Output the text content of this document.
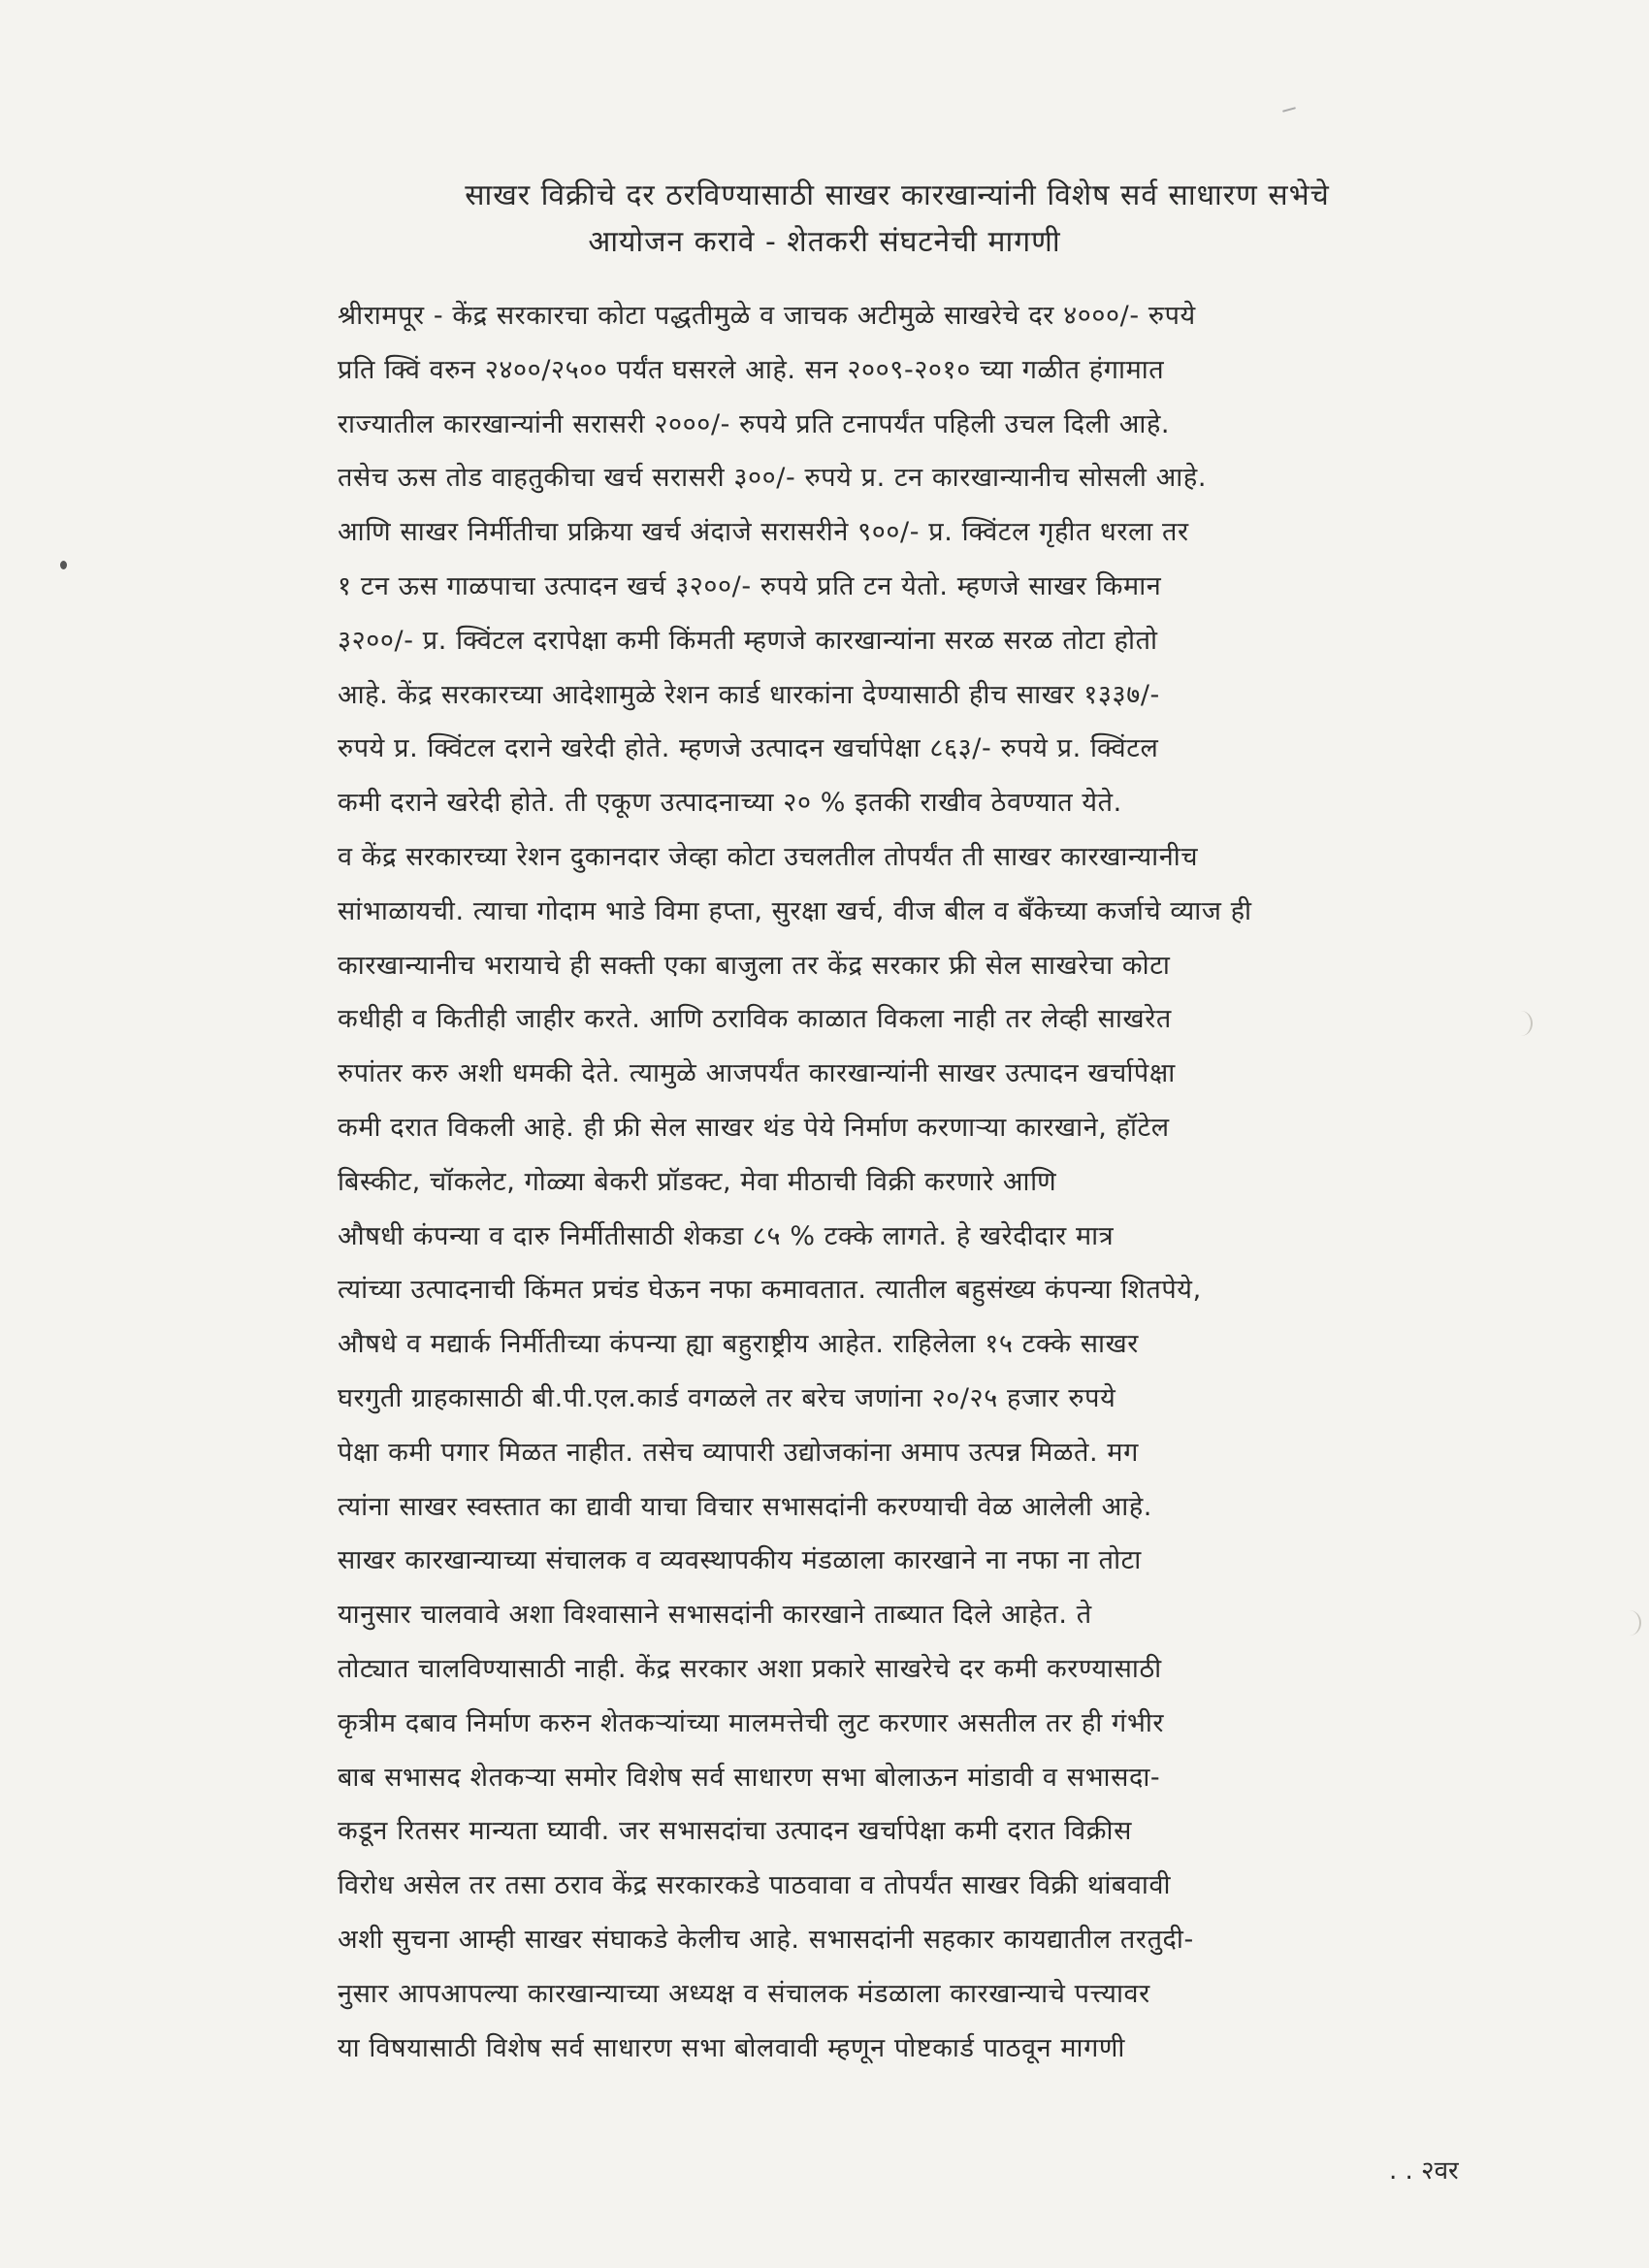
साखर विक्रीचे दर ठरविण्यासाठी साखर कारखान्यांनी विशेष सर्व साधारण सभेचे
आयोजन करावे - शेतकरी संघटनेची मागणी
श्रीरामपूर - केंद्र सरकारचा कोटा पद्धतीमुळे व जाचक अटीमुळे साखरेचे दर ४०००/- रुपये
प्रति क्विं वरुन २४००/२५०० पर्यंत घसरले आहे. सन २००९-२०१० च्या गळीत हंगामात
राज्यातील कारखान्यांनी सरासरी २०००/- रुपये प्रति टनापर्यंत पहिली उचल दिली आहे.
तसेच ऊस तोड वाहतुकीचा खर्च सरासरी ३००/- रुपये प्र. टन कारखान्यानीच सोसली आहे.
आणि साखर निर्मीतीचा प्रक्रिया खर्च अंदाजे सरासरीने ९००/- प्र. क्विंटल गृहीत धरला तर
१ टन ऊस गाळपाचा उत्पादन खर्च ३२००/- रुपये प्रति टन येतो. म्हणजे साखर किमान
३२००/- प्र. क्विंटल दरापेक्षा कमी किंमती म्हणजे कारखान्यांना सरळ सरळ तोटा होतो
आहे. केंद्र सरकारच्या आदेशामुळे रेशन कार्ड धारकांना देण्यासाठी हीच साखर १३३७/-
रुपये प्र. क्विंटल दराने खरेदी होते. म्हणजे उत्पादन खर्चापेक्षा ८६३/- रुपये प्र. क्विंटल
कमी दराने खरेदी होते. ती एकूण उत्पादनाच्या २० % इतकी राखीव ठेवण्यात येते.
व केंद्र सरकारच्या रेशन दुकानदार जेव्हा कोटा उचलतील तोपर्यंत ती साखर कारखान्यानीच
सांभाळायची. त्याचा गोदाम भाडे विमा हप्ता, सुरक्षा खर्च, वीज बील व बँकेच्या कर्जाचे व्याज ही
कारखान्यानीच भरायाचे ही सक्ती एका बाजुला तर केंद्र सरकार फ्री सेल साखरेचा कोटा
कधीही व कितीही जाहीर करते. आणि ठराविक काळात विकला नाही तर लेव्ही साखरेत
रुपांतर करु अशी धमकी देते. त्यामुळे आजपर्यंत कारखान्यांनी साखर उत्पादन खर्चापेक्षा
कमी दरात विकली आहे. ही फ्री सेल साखर थंड पेये निर्माण करणाऱ्या कारखाने, हॉटेल
बिस्कीट, चॉकलेट, गोळ्या बेकरी प्रॉडक्ट, मेवा मीठाची विक्री करणारे आणि
औषधी कंपन्या व दारु निर्मीतीसाठी शेकडा ८५ % टक्के लागते. हे खरेदीदार मात्र
त्यांच्या उत्पादनाची किंमत प्रचंड घेऊन नफा कमावतात. त्यातील बहुसंख्य कंपन्या शितपेये,
औषधे व मद्यार्क निर्मीतीच्या कंपन्या ह्या बहुराष्ट्रीय आहेत. राहिलेला १५ टक्के साखर
घरगुती ग्राहकासाठी बी.पी.एल.कार्ड वगळले तर बरेच जणांना २०/२५ हजार रुपये
पेक्षा कमी पगार मिळत नाहीत. तसेच व्यापारी उद्योजकांना अमाप उत्पन्न मिळते. मग
त्यांना साखर स्वस्तात का द्यावी याचा विचार सभासदांनी करण्याची वेळ आलेली आहे.
साखर कारखान्याच्या संचालक व व्यवस्थापकीय मंडळाला कारखाने ना नफा ना तोटा
यानुसार चालवावे अशा विश्वासाने सभासदांनी कारखाने ताब्यात दिले आहेत. ते
तोट्यात चालविण्यासाठी नाही. केंद्र सरकार अशा प्रकारे साखरेचे दर कमी करण्यासाठी
कृत्रीम दबाव निर्माण करुन शेतकऱ्यांच्या मालमत्तेची लुट करणार असतील तर ही गंभीर
बाब सभासद शेतकऱ्या समोर विशेष सर्व साधारण सभा बोलाऊन मांडावी व सभासदा-
कडून रितसर मान्यता घ्यावी. जर सभासदांचा उत्पादन खर्चापेक्षा कमी दरात विक्रीस
विरोध असेल तर तसा ठराव केंद्र सरकारकडे पाठवावा व तोपर्यंत साखर विक्री थांबवावी
अशी सुचना आम्ही साखर संघाकडे केलीच आहे. सभासदांनी सहकार कायद्यातील तरतुदी-
नुसार आपआपल्या कारखान्याच्या अध्यक्ष व संचालक मंडळाला कारखान्याचे पत्त्यावर
या विषयासाठी विशेष सर्व साधारण सभा बोलवावी म्हणून पोष्टकार्ड पाठवून मागणी
. . २वर
